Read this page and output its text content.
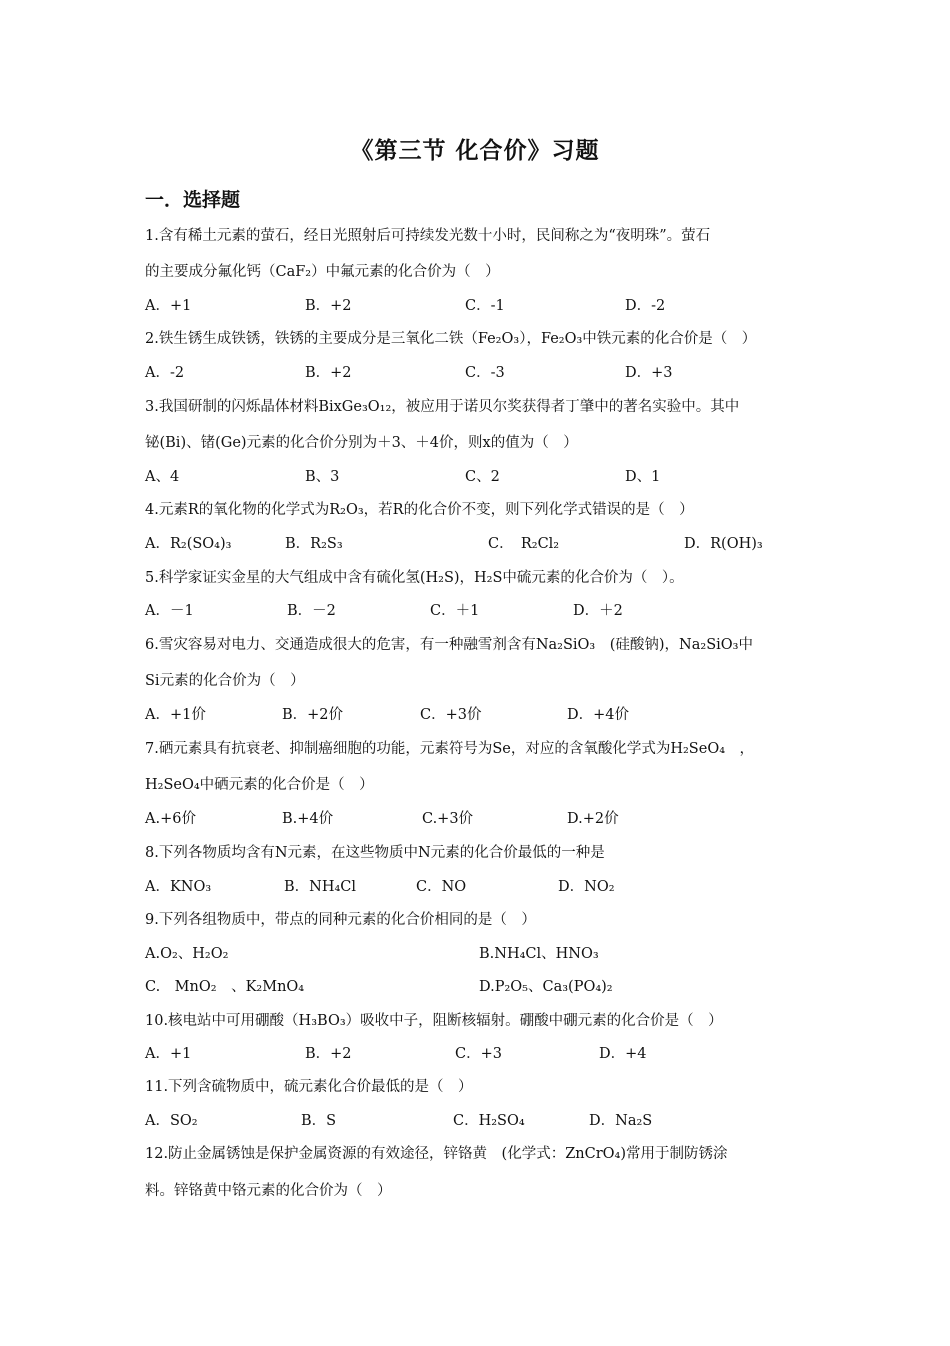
《第三节 化合价》习题
一．选择题
1.含有稀土元素的萤石，经日光照射后可持续发光数十小时，民间称之为“夜明珠”。萤石
的主要成分氟化钙（CaF₂）中氟元素的化合价为（　）
A．+1	B．+2	C．-1	D．-2
2.铁生锈生成铁锈，铁锈的主要成分是三氧化二铁（Fe₂O₃），Fe₂O₃中铁元素的化合价是（　）
A．-2	B．+2	C．-3	D．+3
3.我国研制的闪烁晶体材料BixGe₃O₁₂，被应用于诺贝尔奖获得者丁肇中的著名实验中。其中
铋(Bi)、锗(Ge)元素的化合价分别为＋3、＋4价，则x的值为（　）
A、4	B、3	C、2	D、1
4.元素R的氧化物的化学式为R₂O₃，若R的化合价不变，则下列化学式错误的是（　）
A．R₂(SO₄)₃	B．R₂S₃	C．　R₂Cl₂	D．R(OH)₃
5.科学家证实金星的大气组成中含有硫化氢(H₂S)，H₂S中硫元素的化合价为（　）。
A．－1	B．－2	C．＋1	D．＋2
6.雪灾容易对电力、交通造成很大的危害，有一种融雪剂含有Na₂SiO₃　(硅酸钠)，Na₂SiO₃中
Si元素的化合价为（　）
A．+1价	B．+2价	C．+3价	D．+4价
7.硒元素具有抗衰老、抑制癌细胞的功能，元素符号为Se，对应的含氧酸化学式为H₂SeO₄　，
H₂SeO₄中硒元素的化合价是（　）
A.+6价	B.+4价	C.+3价	D.+2价
8.下列各物质均含有N元素，在这些物质中N元素的化合价最低的一种是
A．KNO₃	B．NH₄Cl	C．NO	D．NO₂
9.下列各组物质中，带点的同种元素的化合价相同的是（　）
A.O₂、H₂O₂	B.NH₄Cl、HNO₃
C.　MnO₂　、K₂MnO₄	D.P₂O₅、Ca₃(PO₄)₂
10.核电站中可用硼酸（H₃BO₃）吸收中子，阻断核辐射。硼酸中硼元素的化合价是（　）
A．+1	B．+2	C．+3	D．+4
11.下列含硫物质中，硫元素化合价最低的是（　）
A．SO₂	B．S	C．H₂SO₄	D．Na₂S
12.防止金属锈蚀是保护金属资源的有效途径，锌铬黄　(化学式：ZnCrO₄)常用于制防锈涂
料。锌铬黄中铬元素的化合价为（　）
